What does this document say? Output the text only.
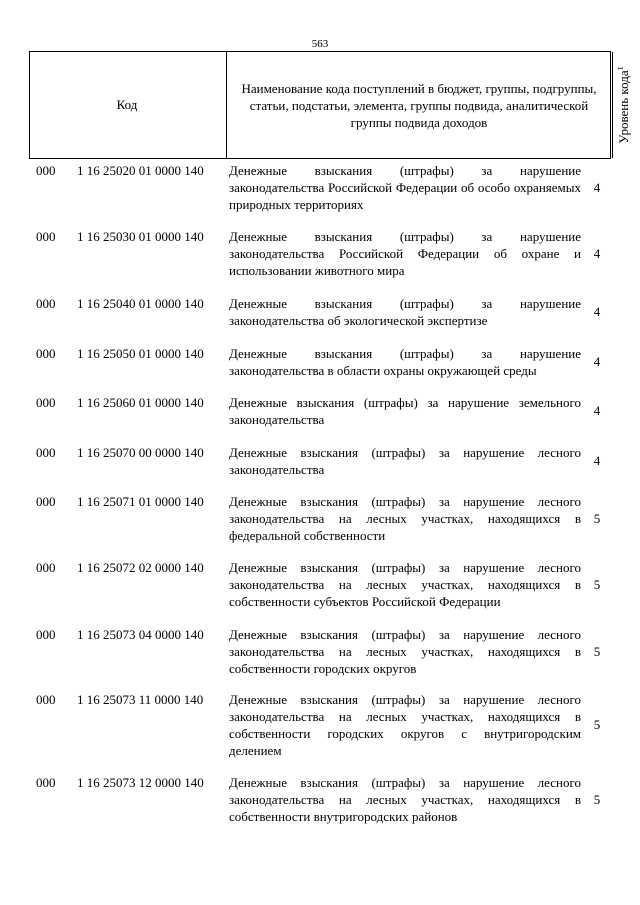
563
Код
Наименование кода поступлений в бюджет, группы, подгруппы, статьи, подстатьи, элемента, группы подвида, аналитической группы подвида доходов	Уровень кода$^1$
000 1 16 25020 01 0000 140 Денежные взыскания (штрафы) за нарушение законодательства Российской Федерации об особо охраняемых природных территориях
4
000 1 16 25030 01 0000 140 Денежные взыскания (штрафы) за нарушение законодательства Российской Федерации об охране и использовании животного мира
4
000 1 16 25040 01 0000 140 Денежные взыскания (штрафы) за нарушение законодательства об экологической экспертизе
4
000 1 16 25050 01 0000 140 Денежные взыскания (штрафы) за нарушение законодательства в области охраны окружающей среды
4
000 1 16 25060 01 0000 140 Денежные взыскания (штрафы) за нарушение земельного законодательства
4
000 1 16 25070 00 0000 140 Денежные взыскания (штрафы) за нарушение лесного законодательства
4
000 1 16 25071 01 0000 140 Денежные взыскания (штрафы) за нарушение лесного законодательства на лесных участках, находящихся в федеральной собственности
5
000 1 16 25072 02 0000 140 Денежные взыскания (штрафы) за нарушение лесного законодательства на лесных участках, находящихся в собственности субъектов Российской Федерации
5
000 1 16 25073 04 0000 140 Денежные взыскания (штрафы) за нарушение лесного законодательства на лесных участках, находящихся в собственности городских округов
5
000 1 16 25073 11 0000 140 Денежные взыскания (штрафы) за нарушение лесного законодательства на лесных участках, находящихся в собственности городских округов с внутригородским делением
5
000 1 16 25073 12 0000 140 Денежные взыскания (штрафы) за нарушение лесного законодательства на лесных участках, находящихся в собственности внутригородских районов
5
